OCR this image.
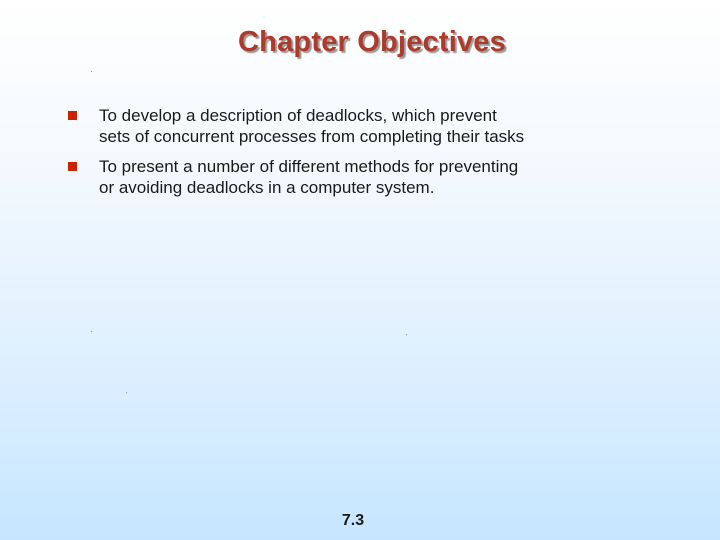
Chapter Objectives
·
To develop a description of deadlocks, which prevent
sets of concurrent processes from completing their tasks
To present a number of different methods for preventing
or avoiding deadlocks in a computer system.
·	ˏ
ˏ
7.3
